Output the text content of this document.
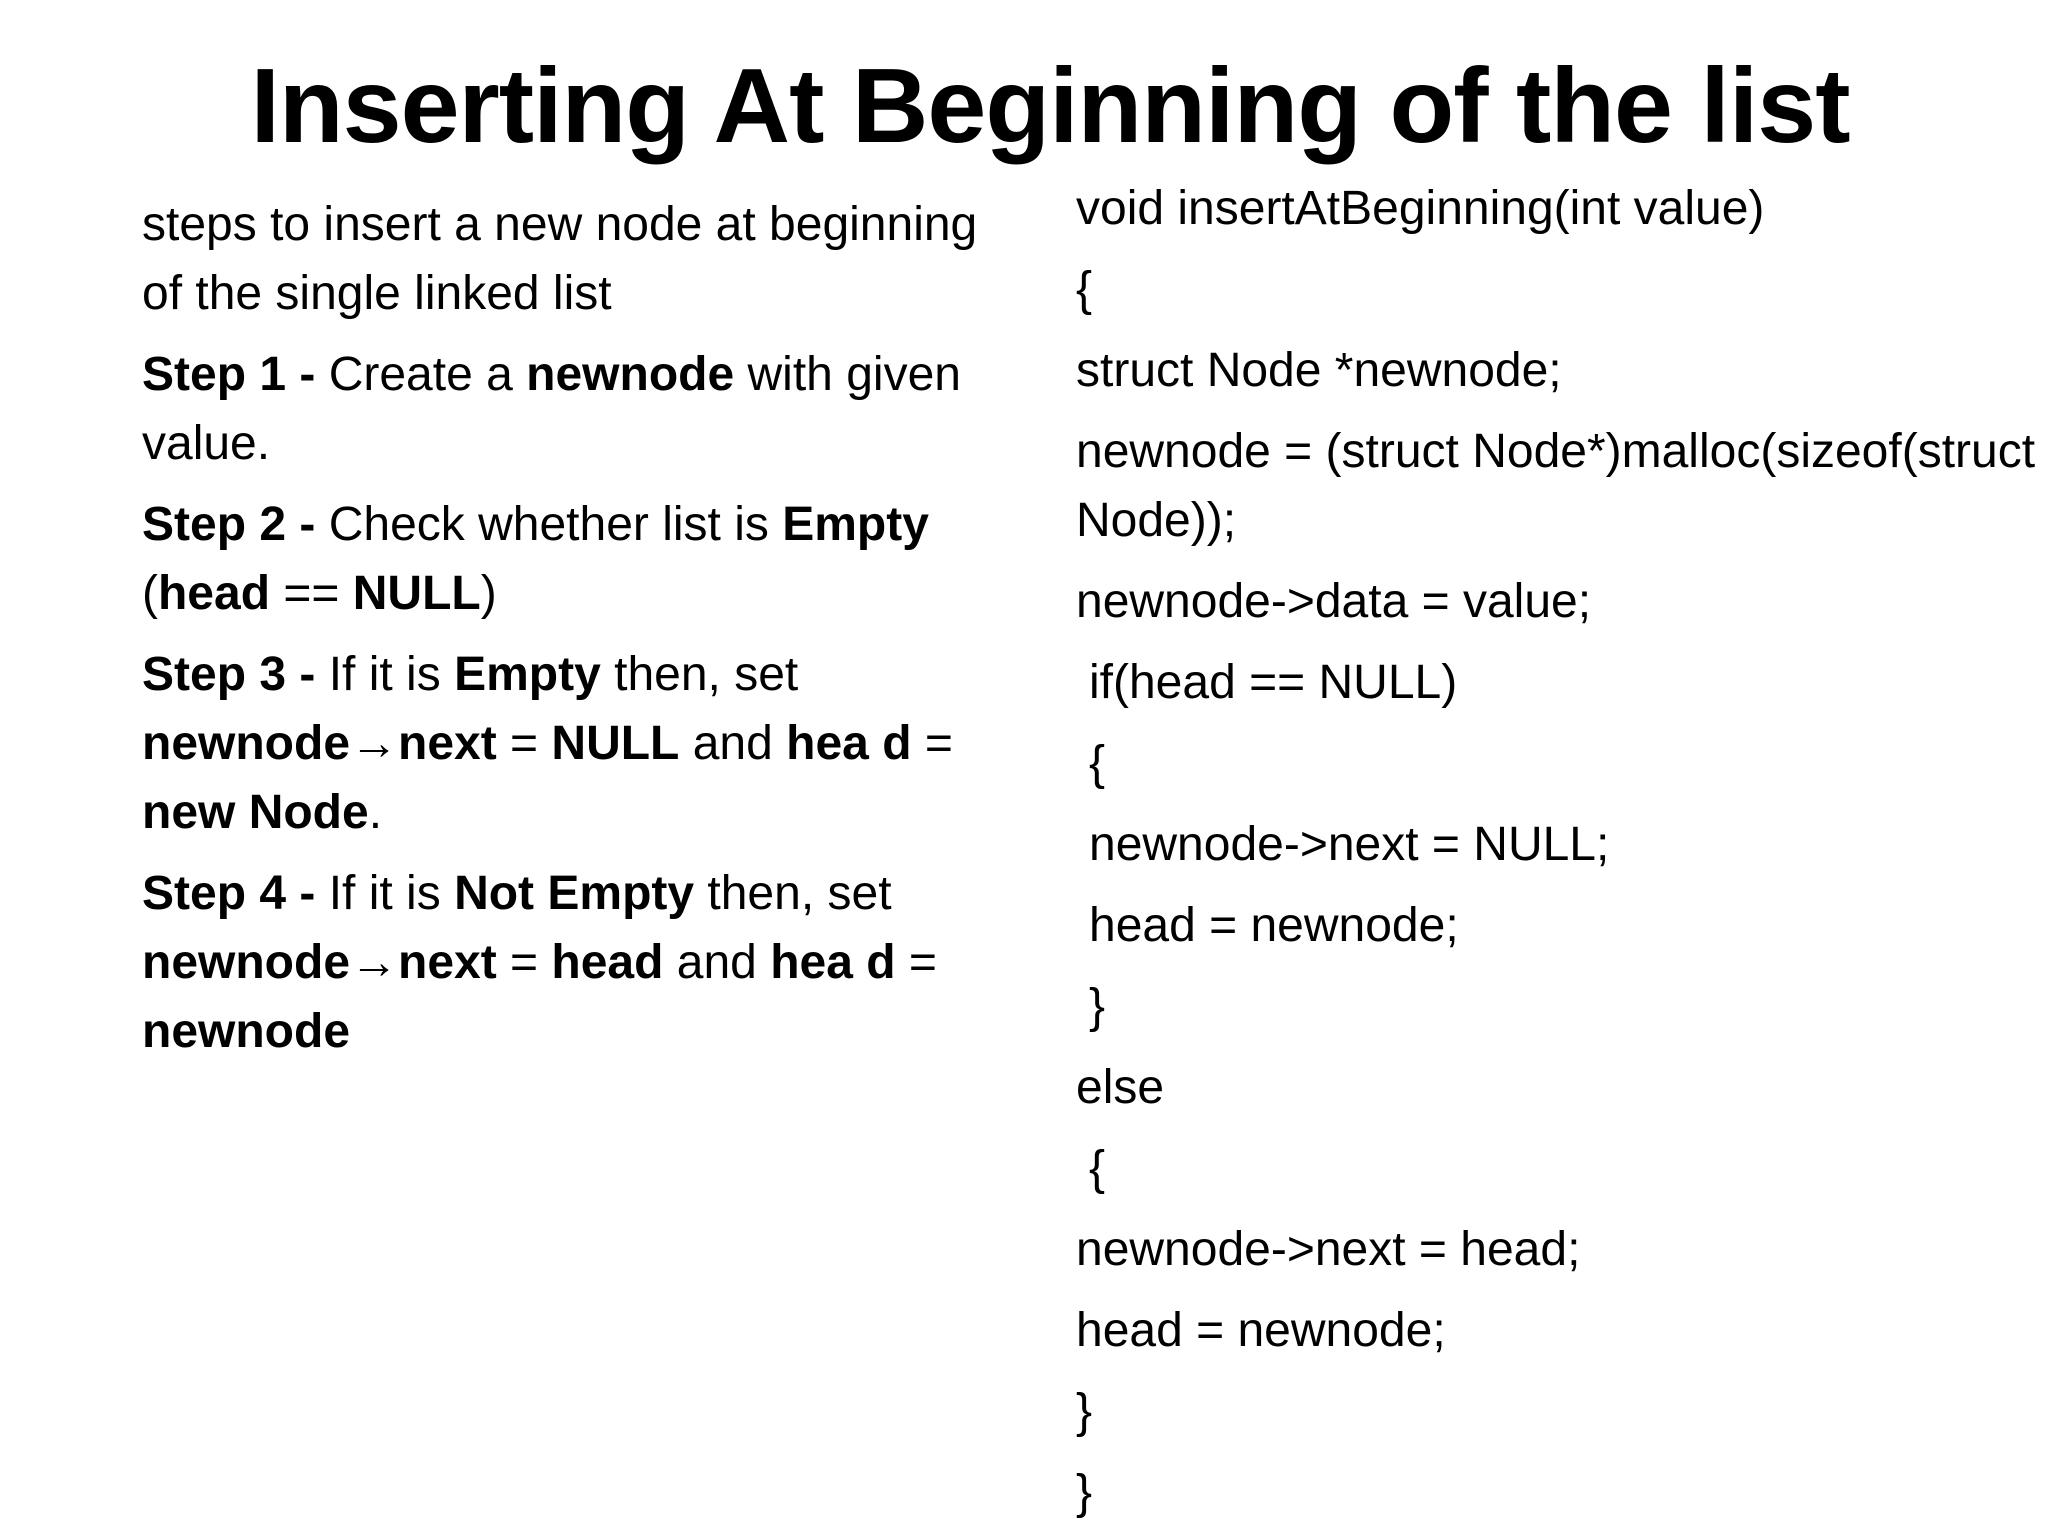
Inserting At Beginning of the list

steps to insert a new node at beginning of the single linked list

Step 1 - Create a newnode with given value.

Step 2 - Check whether list is Empty (head == NULL)

Step 3 - If it is Empty then, set newnode→next = NULL and hea d = new Node.

Step 4 - If it is Not Empty then, set newnode→next = head and hea d = newnode

void insertAtBeginning(int value)
{
struct Node *newnode;
newnode = (struct Node*)malloc(sizeof(struct Node));
newnode->data = value;
if(head == NULL)
{
newnode->next = NULL;
head = newnode;
}
else
{
newnode->next = head;
head = newnode;
}
}
